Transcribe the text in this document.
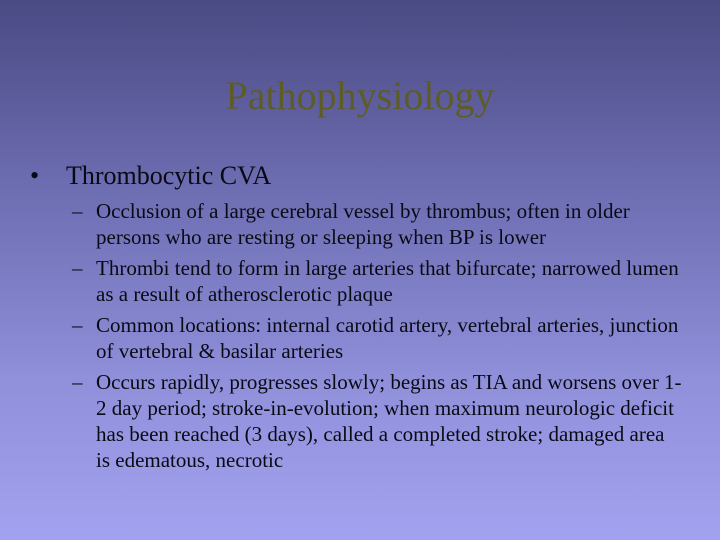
Pathophysiology
• Thrombocytic CVA
– Occlusion of a large cerebral vessel by thrombus; often in older persons who are resting or sleeping when BP is lower
– Thrombi tend to form in large arteries that bifurcate; narrowed lumen as a result of atherosclerotic plaque
– Common locations: internal carotid artery, vertebral arteries, junction of vertebral & basilar arteries
– Occurs rapidly, progresses slowly; begins as TIA and worsens over 1-2 day period; stroke-in-evolution; when maximum neurologic deficit has been reached (3 days), called a completed stroke; damaged area is edematous, necrotic
